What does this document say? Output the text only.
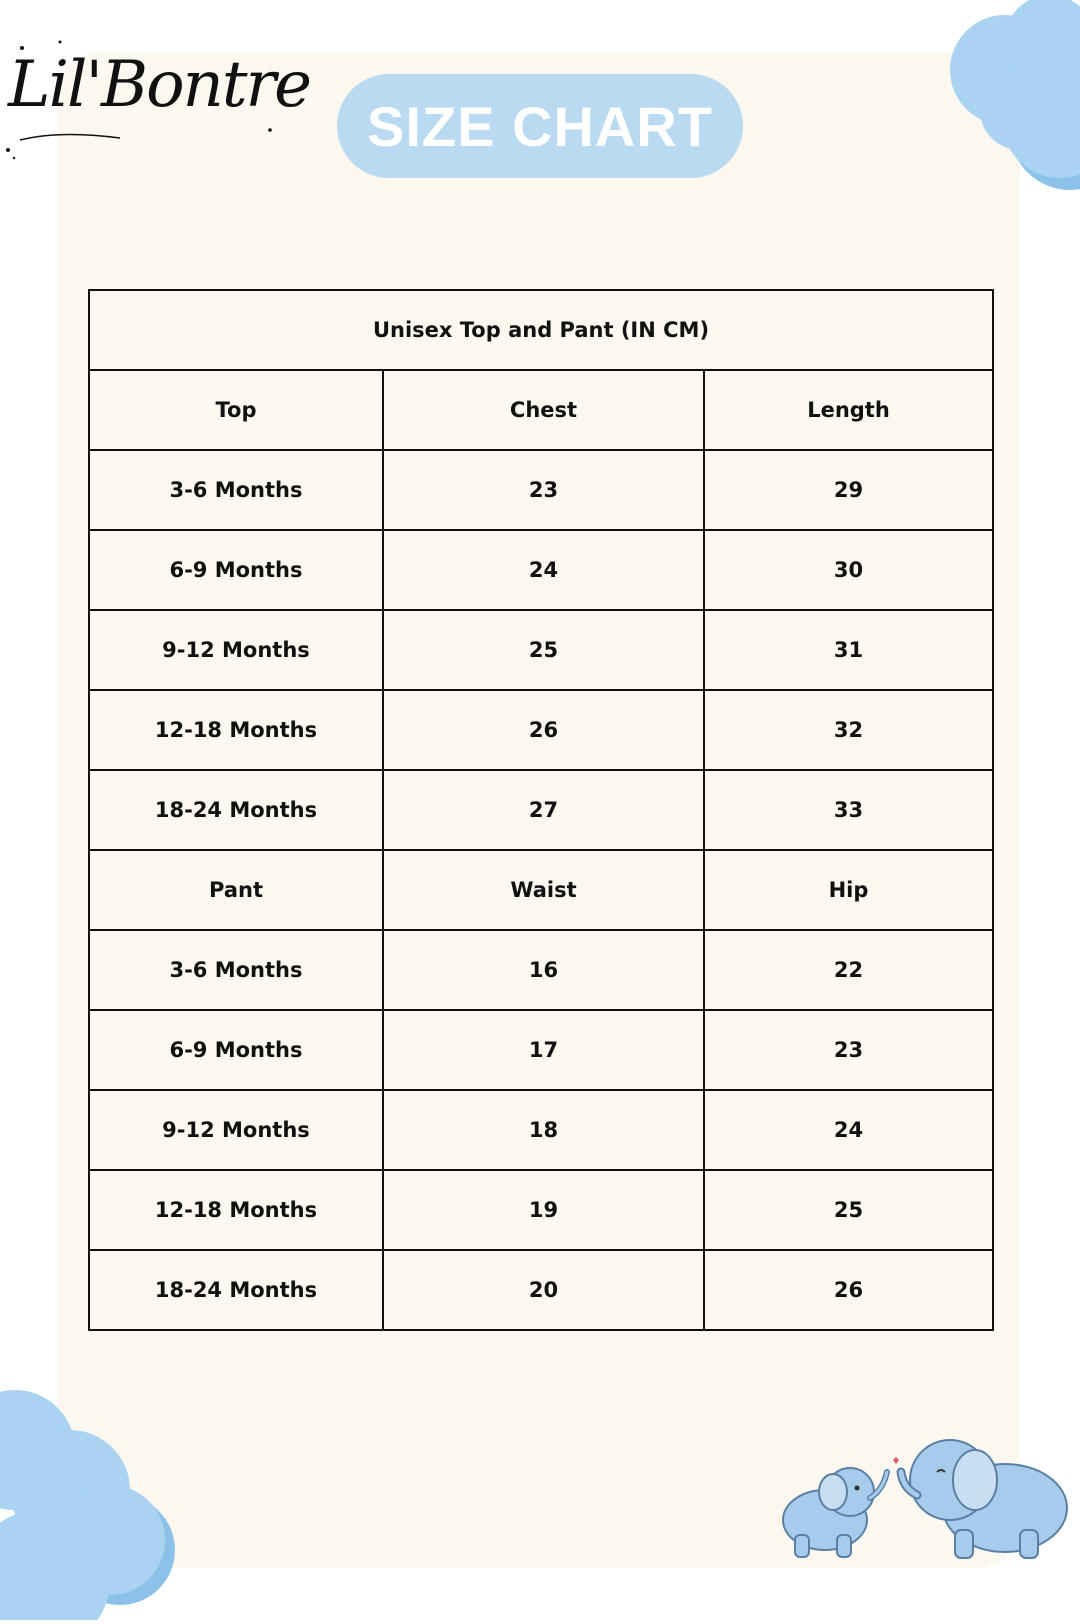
Lil'Bontre
SIZE CHART
Unisex Top and Pant (IN CM)		
Top	Chest	Length
3-6 Months	23	29
6-9 Months	24	30
9-12 Months	25	31
12-18 Months	26	32
18-24 Months	27	33
Pant	Waist	Hip
3-6 Months	16	22
6-9 Months	17	23
9-12 Months	18	24
12-18 Months	19	25
18-24 Months	20	26
